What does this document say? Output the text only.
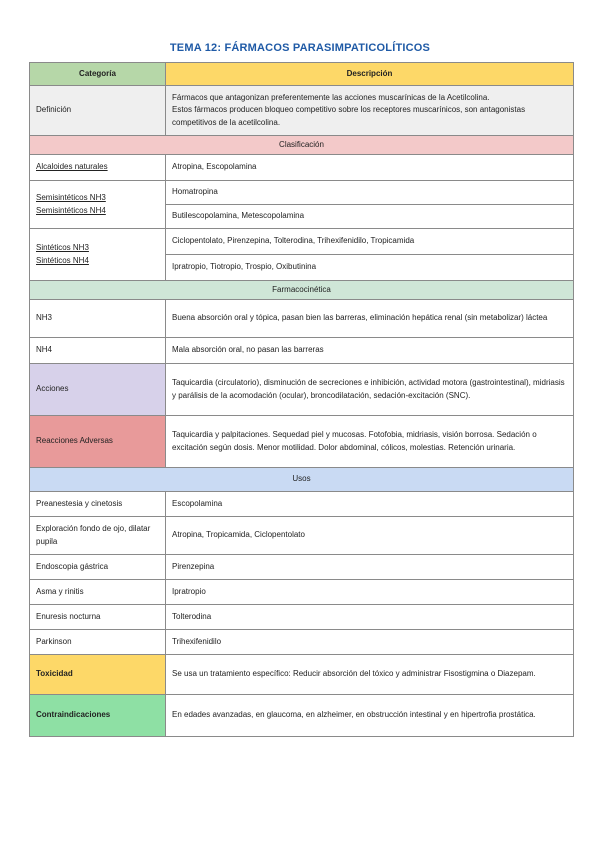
TEMA 12: FÁRMACOS PARASIMPATICOLÍTICOS
Categoría	Descripción
Definición	Fármacos que antagonizan preferentemente las acciones muscarínicas de la Acetilcolina.
Estos fármacos producen bloqueo competitivo sobre los receptores muscarínicos, son antagonistas competitivos de la acetilcolina.

Clasificación	
Alcaloides naturales	Atropina, Escopolamina

Semisintéticos NH3
Semisintéticos NH4	Homatropina
	Butilescopolamina, Metescopolamina

Sintéticos NH3
Sintéticos NH4	Ciclopentolato, Pirenzepina, Tolterodina, Trihexifenidilo, Tropicamida
	Ipratropio, Tiotropio, Trospio, Oxibutinina
Farmacocinética	
NH3	Buena absorción oral y tópica, pasan bien las barreras, eliminación hepática renal (sin metabolizar) láctea
NH4	Mala absorción oral, no pasan las barreras
Acciones	Taquicardia (circulatorio), disminución de secreciones e inhibición, actividad motora (gastrointestinal), midriasis y parálisis de la acomodación (ocular), broncodilatación, sedación-excitación (SNC).
Reacciones Adversas	Taquicardia y palpitaciones. Sequedad piel y mucosas. Fotofobia, midriasis, visión borrosa. Sedación o excitación según dosis. Menor motilidad. Dolor abdominal, cólicos, molestias. Retención urinaria.
Usos	
Preanestesia y cinetosis	Escopolamina
Exploración fondo de ojo, dilatar pupila	Atropina, Tropicamida, Ciclopentolato
Endoscopia gástrica	Pirenzepina
Asma y rinitis	Ipratropio
Enuresis nocturna	Tolterodina
Parkinson	Trihexifenidilo
Toxicidad	Se usa un tratamiento específico: Reducir absorción del tóxico y administrar Fisostigmina o Diazepam.
Contraindicaciones	En edades avanzadas, en glaucoma, en alzheimer, en obstrucción intestinal y en hipertrofia prostática.
